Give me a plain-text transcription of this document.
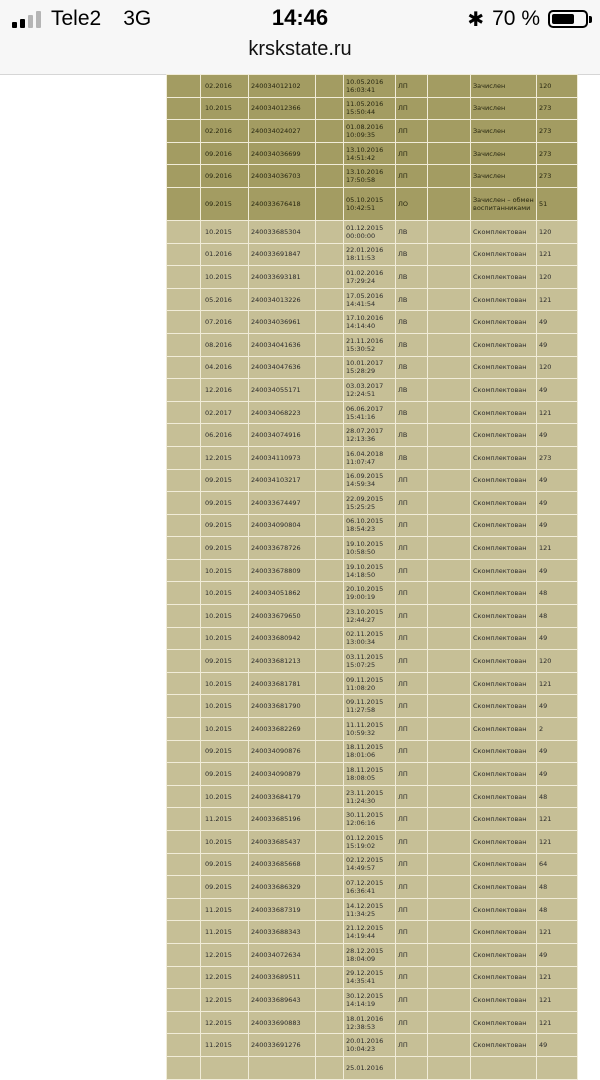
Tele2 3G	14:46	✱ 70 %
krskstate.ru
	02.2016	240034012102		10.05.2016
16:03:41	ЛП		Зачислен	120
	10.2015	240034012366		11.05.2016
15:50:44	ЛП		Зачислен	273
	02.2016	240034024027		01.08.2016
10:09:35	ЛП		Зачислен	273
	09.2016	240034036699		13.10.2016
14:51:42	ЛП		Зачислен	273
	09.2016	240034036703		13.10.2016
17:50:58	ЛП		Зачислен	273
	09.2015	240033676418		05.10.2015
10:42:51	ЛО		Зачислен – обмен воспитанниками	51
	10.2015	240033685304		01.12.2015
00:00:00	ЛВ		Скомплектован	120
	01.2016	240033691847		22.01.2016
18:11:53	ЛВ		Скомплектован	121
	10.2015	240033693181		01.02.2016
17:29:24	ЛВ		Скомплектован	120
	05.2016	240034013226		17.05.2016
14:41:54	ЛВ		Скомплектован	121
	07.2016	240034036961		17.10.2016
14:14:40	ЛВ		Скомплектован	49
	08.2016	240034041636		21.11.2016
15:30:52	ЛВ		Скомплектован	49
	04.2016	240034047636		10.01.2017
15:28:29	ЛВ		Скомплектован	120
	12.2016	240034055171		03.03.2017
12:24:51	ЛВ		Скомплектован	49
	02.2017	240034068223		06.06.2017
15:41:16	ЛВ		Скомплектован	121
	06.2016	240034074916		28.07.2017
12:13:36	ЛВ		Скомплектован	49
	12.2015	240034110973		16.04.2018
11:07:47	ЛВ		Скомплектован	273
	09.2015	240034103217		16.09.2015
14:59:34	ЛП		Скомплектован	49
	09.2015	240033674497		22.09.2015
15:25:25	ЛП		Скомплектован	49
	09.2015	240034090804		06.10.2015
18:54:23	ЛП		Скомплектован	49
	09.2015	240033678726		19.10.2015
10:58:50	ЛП		Скомплектован	121
	10.2015	240033678809		19.10.2015
14:18:50	ЛП		Скомплектован	49
	10.2015	240034051862		20.10.2015
19:00:19	ЛП		Скомплектован	48
	10.2015	240033679650		23.10.2015
12:44:27	ЛП		Скомплектован	48
	10.2015	240033680942		02.11.2015
13:00:34	ЛП		Скомплектован	49
	09.2015	240033681213		03.11.2015
15:07:25	ЛП		Скомплектован	120
	10.2015	240033681781		09.11.2015
11:08:20	ЛП		Скомплектован	121
	10.2015	240033681790		09.11.2015
11:27:58	ЛП		Скомплектован	49
	10.2015	240033682269		11.11.2015
10:59:32	ЛП		Скомплектован	2
	09.2015	240034090876		18.11.2015
18:01:06	ЛП		Скомплектован	49
	09.2015	240034090879		18.11.2015
18:08:05	ЛП		Скомплектован	49
	10.2015	240033684179		23.11.2015
11:24:30	ЛП		Скомплектован	48
	11.2015	240033685196		30.11.2015
12:06:16	ЛП		Скомплектован	121
	10.2015	240033685437		01.12.2015
15:19:02	ЛП		Скомплектован	121
	09.2015	240033685668		02.12.2015
14:49:57	ЛП		Скомплектован	64
	09.2015	240033686329		07.12.2015
16:36:41	ЛП		Скомплектован	48
	11.2015	240033687319		14.12.2015
11:34:25	ЛП		Скомплектован	48
	11.2015	240033688343		21.12.2015
14:19:44	ЛП		Скомплектован	121
	12.2015	240034072634		28.12.2015
18:04:09	ЛП		Скомплектован	49
	12.2015	240033689511		29.12.2015
14:35:41	ЛП		Скомплектован	121
	12.2015	240033689643		30.12.2015
14:14:19	ЛП		Скомплектован	121
	12.2015	240033690883		18.01.2016
12:38:53	ЛП		Скомплектован	121
	11.2015	240033691276		20.01.2016
10:04:23	ЛП		Скомплектован	49
				25.01.2016				
